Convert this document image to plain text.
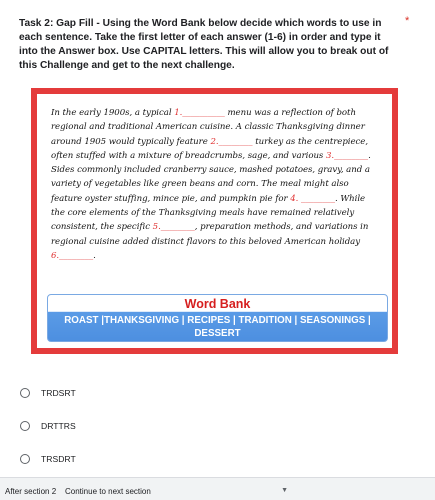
Task 2: Gap Fill - Using the Word Bank below decide which words to use in each sentence. Take the first letter of each answer (1-6) in order and type it into the Answer box. Use CAPITAL letters. This will allow you to break out of this Challenge and get to the next challenge.
*

In the early 1900s, a typical 1.__________ menu was a reflection of both regional and traditional American cuisine. A classic Thanksgiving dinner around 1905 would typically feature 2.________ turkey as the centrepiece, often stuffed with a mixture of breadcrumbs, sage, and various 3.________. Sides commonly included cranberry sauce, mashed potatoes, gravy, and a variety of vegetables like green beans and corn. The meal might also feature oyster stuffing, mince pie, and pumpkin pie for 4. ________. While the core elements of the Thanksgiving meals have remained relatively consistent, the specific 5.________, preparation methods, and variations in regional cuisine added distinct flavors to this beloved American holiday 6.________.

Word Bank
ROAST |THANKSGIVING | RECIPES | TRADITION | SEASONINGS | DESSERT
TRDSRT
DRTTRS
TRSDRT
After section 2 Continue to next section	▼
